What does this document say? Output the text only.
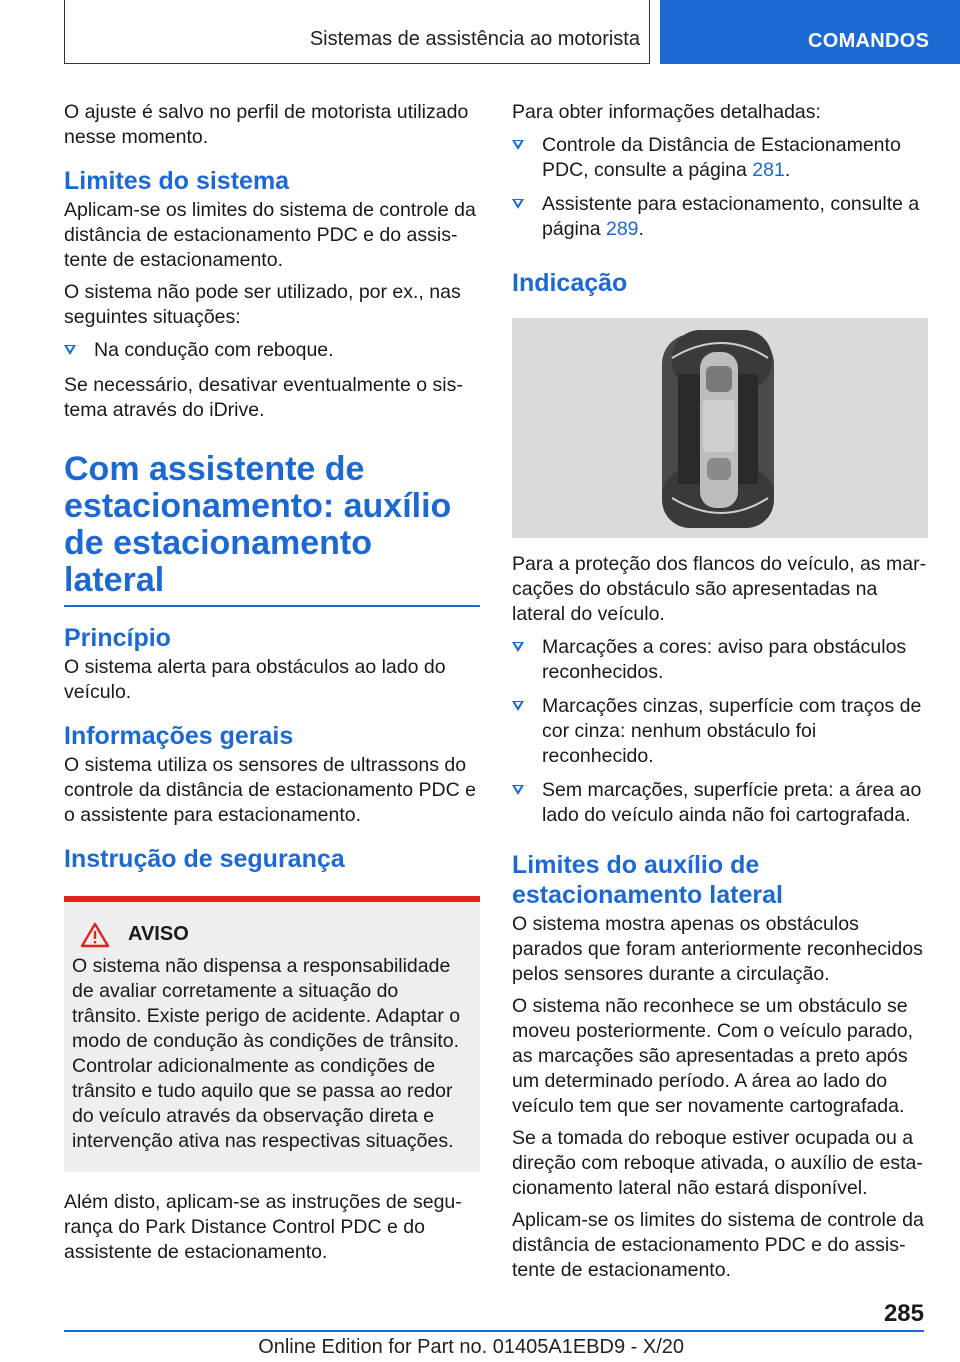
Sistemas de assistência ao motorista	COMANDOS

O ajuste é salvo no perfil de motorista utilizado nesse momento.

Limites do sistema

Aplicam-se os limites do sistema de controle da distância de estacionamento PDC e do assistente de estacionamento.

O sistema não pode ser utilizado, por ex., nas seguintes situações:

Na condução com reboque.

Se necessário, desativar eventualmente o sistema através do iDrive.

Com assistente de estacionamento: auxílio de estacionamento lateral
Princípio

O sistema alerta para obstáculos ao lado do veículo.

Informações gerais

O sistema utiliza os sensores de ultrassons do controle da distância de estacionamento PDC e o assistente para estacionamento.

Instrução de segurança
AVISO
O sistema não dispensa a responsabilidade de avaliar corretamente a situação do trânsito. Existe perigo de acidente. Adaptar o modo de condução às condições de trânsito. Controlar adicionalmente as condições de trânsito e tudo aquilo que se passa ao redor do veículo através da observação direta e intervenção ativa nas respectivas situações.

Além disto, aplicam-se as instruções de segurança do Park Distance Control PDC e do assistente de estacionamento.

Para obter informações detalhadas:

Controle da Distância de Estacionamento PDC, consulte a página 281.
Assistente para estacionamento, consulte a página 289.
Indicação

Para a proteção dos flancos do veículo, as marcações do obstáculo são apresentadas na lateral do veículo.

Marcações a cores: aviso para obstáculos reconhecidos.
Marcações cinzas, superfície com traços de cor cinza: nenhum obstáculo foi reconhecido.
Sem marcações, superfície preta: a área ao lado do veículo ainda não foi cartografada.
Limites do auxílio de estacionamento lateral

O sistema mostra apenas os obstáculos parados que foram anteriormente reconhecidos pelos sensores durante a circulação.

O sistema não reconhece se um obstáculo se moveu posteriormente. Com o veículo parado, as marcações são apresentadas a preto após um determinado período. A área ao lado do veículo tem que ser novamente cartografada.

Se a tomada do reboque estiver ocupada ou a direção com reboque ativada, o auxílio de estacionamento lateral não estará disponível.

Aplicam-se os limites do sistema de controle da distância de estacionamento PDC e do assistente de estacionamento.

285
Online Edition for Part no. 01405A1EBD9 - X/20
